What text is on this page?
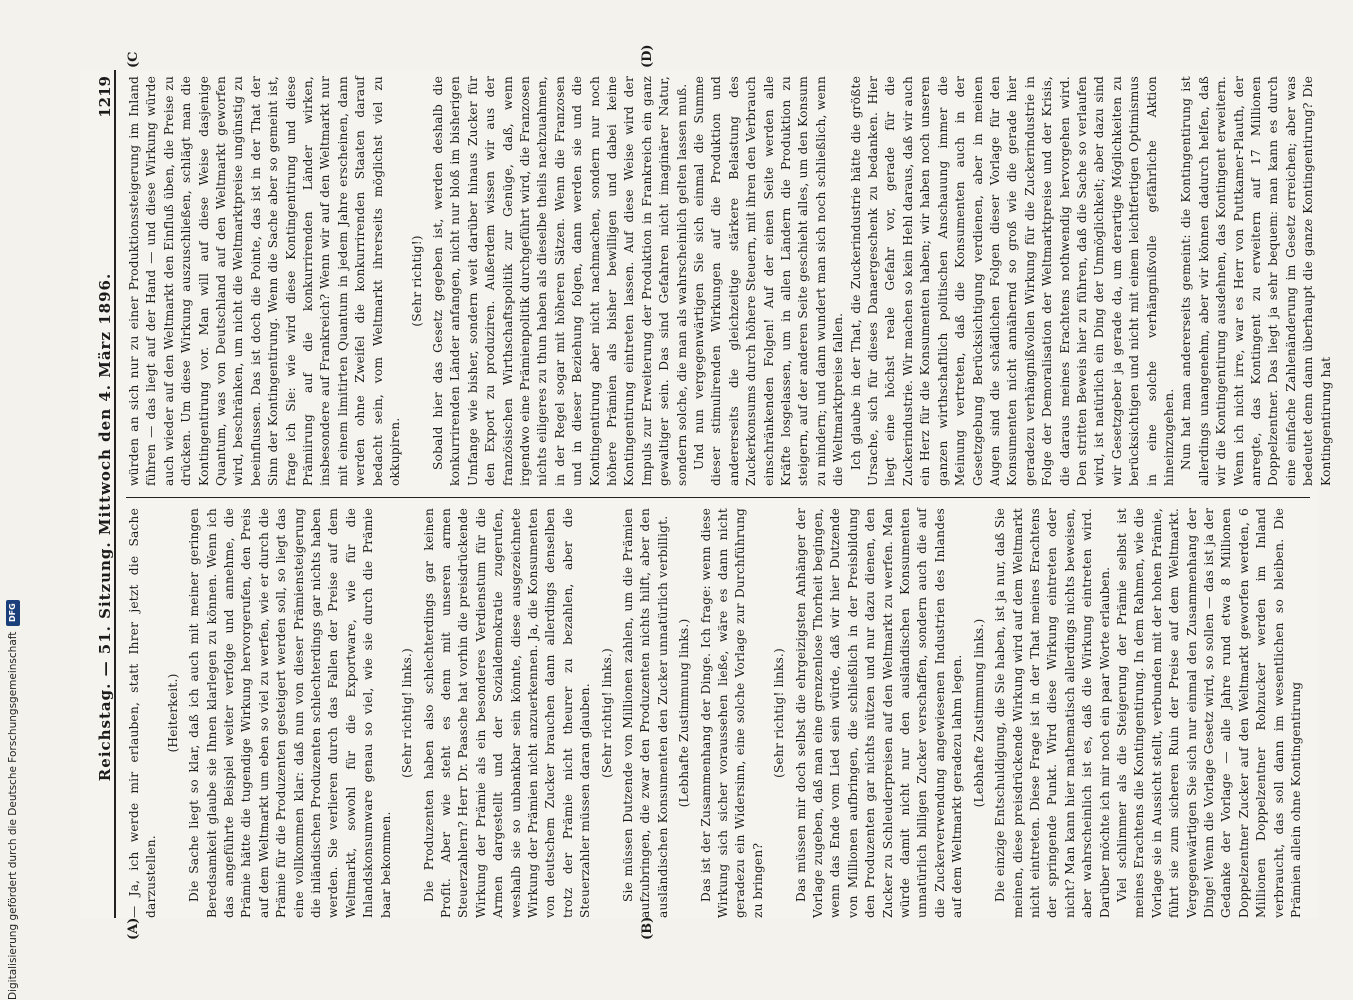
Reichstag. — 51. Sitzung. Mittwoch den 4. März 1896.
1219
(A)	(B)
(C	(D)

— Ja, ich werde mir erlauben, statt Ihrer jetzt die Sache darzustellen.

(Heiterkeit.) Die Sache liegt so klar, daß ich auch mit meiner geringen Beredsamkeit glaube sie Ihnen klarlegen zu können. Wenn ich das angeführte Beispiel weiter verfolge und annehme, die Prämie hätte die tugendige Wirkung hervorgerufen, den Preis auf dem Weltmarkt um eben so viel zu werfen, wie er durch die Prämie für die Produzenten gesteigert werden soll, so liegt das eine vollkommen klar: daß nun von dieser Prämiensteigerung die inländischen Produzenten schlechterdings gar nichts haben werden. Sie verlieren durch das Fallen der Preise auf dem Weltmarkt, sowohl für die Exportware, wie für die Inlandskonsumware genau so viel, wie sie durch die Prämie baar bekommen.

(Sehr richtig! links.) Die Produzenten haben also schlechterdings gar keinen Profit. Aber wie steht es denn mit unseren armen Steuerzahlern? Herr Dr. Paasche hat vorhin die preisdrückende Wirkung der Prämie als ein besonderes Verdienstum für die Armen dargestellt und der Sozialdemokratie zugerufen, weshalb sie so unbankbar sein könnte, diese ausgezeichnete Wirkung der Prämien nicht anzuerkennen. Ja, die Konsumenten von deutschem Zucker brauchen dann allerdings denselben trotz der Prämie nicht theurer zu bezahlen, aber die Steuerzahler müssen daran glauben. (Sehr richtig! links.) Sie müssen Dutzende von Millionen zahlen, um die Prämien aufzubringen, die zwar den Produzenten nichts hilft, aber den ausländischen Konsumenten den Zucker unnatürlich verbilligt. (Lebhafte Zustimmung links.) Das ist der Zusammenhang der Dinge. Ich frage: wenn diese Wirkung sich sicher voraussehen ließe, wäre es dann nicht geradezu ein Widersinn, eine solche Vorlage zur Durchführung zu bringen?

(Sehr richtig! links.) Das müssen mir doch selbst die ehrgeizigsten Anhänger der Vorlage zugeben, daß man eine grenzenlose Thorheit begingen, wenn das Ende vom Lied sein würde, daß wir hier Dutzende von Millionen aufbringen, die schließlich in der Preisbildung den Produzenten gar nichts nützen und nur dazu dienen, den Zucker zu Schleuderpreisen auf den Weltmarkt zu werfen. Man würde damit nicht nur den ausländischen Konsumenten unnatürlich billigen Zucker verschaffen, sondern auch die auf die Zuckerverwendung angewiesenen Industrien des Inlandes auf dem Weltmarkt geradezu lahm legen. (Lebhafte Zustimmung links.) Die einzige Entschuldigung, die Sie haben, ist ja nur, daß Sie meinen, diese preisdrückende Wirkung wird auf dem Weltmarkt nicht eintreten. Diese Frage ist in der That meines Erachtens der springende Punkt. Wird diese Wirkung eintreten oder nicht? Man kann hier mathematisch allerdings nichts beweisen, aber wahrscheinlich ist es, daß die Wirkung eintreten wird. Darüber möchte ich mir noch ein paar Worte erlauben. Viel schlimmer als die Steigerung der Prämie selbst ist meines Erachtens die Kontingentirung. In dem Rahmen, wie die Vorlage sie in Aussicht stellt, verbunden mit der hohen Prämie, führt sie zum sicheren Ruin der Preise auf dem Weltmarkt. Vergegenwärtigen Sie sich nur einmal den Zusammenhang der Dinge! Wenn die Vorlage Gesetz wird, so sollen — das ist ja der Gedanke der Vorlage — alle Jahre rund etwa 8 Millionen Doppelzentner Zucker auf den Weltmarkt geworfen werden, 6 Millionen Doppelzentner Rohzucker werden im Inland verbraucht, das soll dann im wesentlichen so bleiben. Die Prämien allein ohne Kontingentirung

würden an sich nur zu einer Produktionssteigerung im Inland führen — das liegt auf der Hand — und diese Wirkung würde auch wieder auf den Weltmarkt den Einfluß üben, die Preise zu drücken. Um diese Wirkung auszuschließen, schlägt man die Kontingentirung vor. Man will auf diese Weise dasjenige Quantum, was von Deutschland auf den Weltmarkt geworfen wird, beschränken, um nicht die Weltmarktpreise ungünstig zu beeinflussen. Das ist doch die Pointe, das ist in der That der Sinn der Kontingentirung. Wenn die Sache aber so gemeint ist, frage ich Sie: wie wird diese Kontingentirung und diese Prämiirung auf die konkurrirenden Länder wirken, insbesondere auf Frankreich? Wenn wir auf den Weltmarkt nur mit einem limitirten Quantum in jedem Jahre erscheinen, dann werden ohne Zweifel die konkurrirenden Staaten darauf bedacht sein, vom Weltmarkt ihrerseits möglichst viel zu okkupiren.

(Sehr richtig!) Sobald hier das Gesetz gegeben ist, werden deshalb die konkurrirenden Länder anfangen, nicht nur bloß im bisherigen Umfange wie bisher, sondern weit darüber hinaus Zucker für den Export zu produziren. Außerdem wissen wir aus der französischen Wirthschaftspolitik zur Genüge, daß, wenn irgendwo eine Prämienpolitik durchgeführt wird, die Franzosen nichts eiligeres zu thun haben als dieselbe theils nachzuahmen, in der Regel sogar mit höheren Sätzen. Wenn die Franzosen und in dieser Beziehung folgen, dann werden sie und die Kontingentirung aber nicht nachmachen, sondern nur noch höhere Prämien als bisher bewilligen und dabei keine Kontingentirung eintreten lassen. Auf diese Weise wird der Impuls zur Erweiterung der Produktion in Frankreich ein ganz gewaltiger sein. Das sind Gefahren nicht imaginärer Natur, sondern solche, die man als wahrscheinlich gelten lassen muß. Und nun vergegenwärtigen Sie sich einmal die Summe dieser stimulirenden Wirkungen auf die Produktion und andererseits die gleichzeitige stärkere Belastung des Zuckerkonsums durch höhere Steuern, mit ihren den Verbrauch einschränkenden Folgen! Auf der einen Seite werden alle Kräfte losgelassen, um in allen Ländern die Produktion zu steigern, auf der anderen Seite geschieht alles, um den Konsum zu mindern; und dann wundert man sich noch schließlich, wenn die Weltmarktpreise fallen. Ich glaube in der That, die Zuckerindustrie hätte die größte Ursache, sich für dieses Danaergeschenk zu bedanken. Hier liegt eine höchst reale Gefahr vor, gerade für die Zuckerindustrie. Wir machen so kein Hehl daraus, daß wir auch ein Herz für die Konsumenten haben; wir haben noch unseren ganzen wirthschaftlich politischen Anschauung immer die Meinung vertreten, daß die Konsumenten auch in der Gesetzgebung Berücksichtigung verdienen, aber in meinen Augen sind die schädlichen Folgen dieser Vorlage für den Konsumenten nicht annähernd so groß wie die gerade hier geradezu verhängnißvollen Wirkung für die Zuckerindustrie in Folge der Demoralisation der Weltmarktpreise und der Krisis, die daraus meines Erachtens nothwendig hervorgehen wird. Den stritten Beweis hier zu führen, daß die Sache so verlaufen wird, ist natürlich ein Ding der Unmöglichkeit; aber dazu sind wir Gesetzgeber ja gerade da, um derartige Möglichkeiten zu berücksichtigen und nicht mit einem leichtfertigen Optimismus in eine solche verhängnißvolle gefährliche Aktion hineinzugehen. Nun hat man andererseits gemeint: die Kontingentirung ist allerdings unangenehm, aber wir können dadurch helfen, daß wir die Kontingentirung ausdehnen, das Kontingent erweitern. Wenn ich nicht irre, war es Herr von Puttkamer-Plauth, der anregte, das Kontingent zu erweitern auf 17 Millionen Doppelzentner. Das liegt ja sehr bequem: man kann es durch eine einfache Zahlenänderung im Gesetz erreichen; aber was bedeutet denn dann überhaupt die ganze Kontingentirung? Die Kontingentirung hat

Digitalisierung gefördert durch die Deutsche Forschungsgemeinschaft
DFG
